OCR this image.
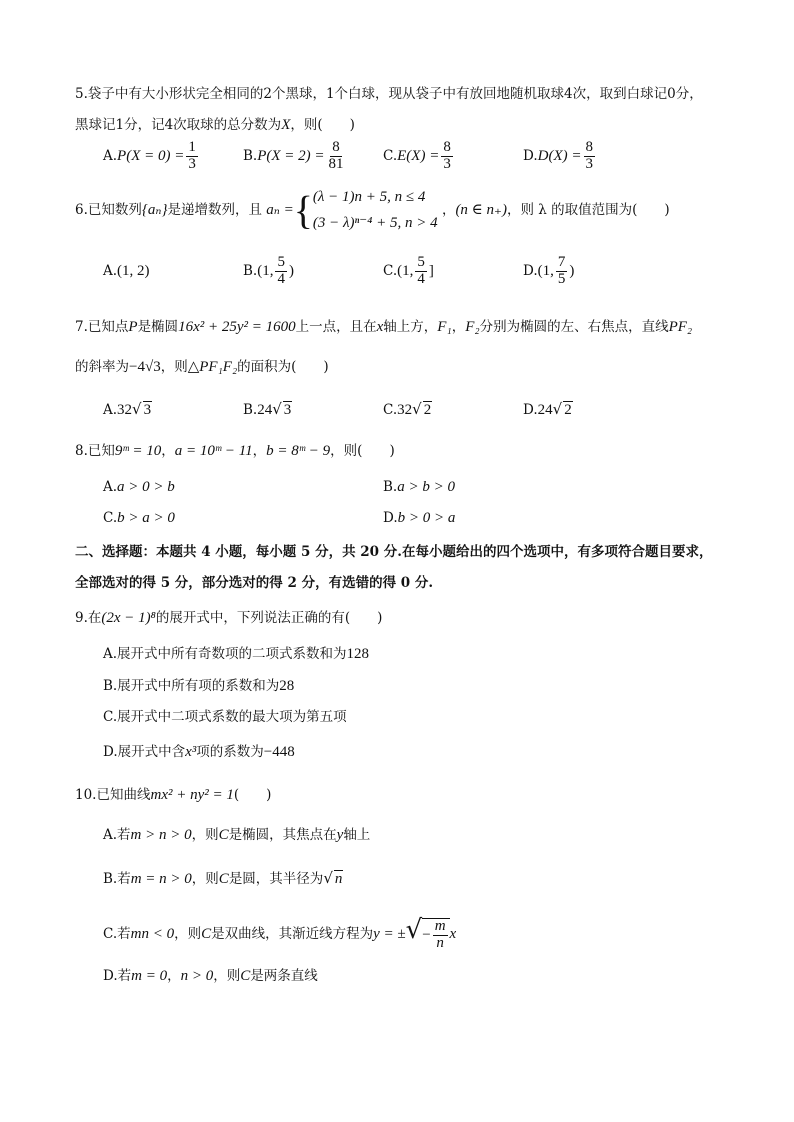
5.袋子中有大小形状完全相同的2个黑球，1个白球，现从袋子中有放回地随机取球4次，取到白球记0分，
黑球记1分，记4次取球的总分数为X，则(　　)
$A.P(X = 0) = \frac{1}{3}$	$B.P(X = 2) = \frac{8}{81}$	$C.E(X) = \frac{8}{3}$	$D.D(X) = \frac{8}{3}$
6.已知数列{aₙ}是递增数列，且 aₙ ={ (λ − 1)n + 5, n ≤ 4
(3 − λ)ⁿ⁻⁴ + 5, n > 4
，(n ∈ n₊)，则 λ 的取值范围为(　　)
A.(1, 2)	B.(1, $\frac{5}{4}$ )	C.(1, $\frac{5}{4}$ ]	D.(1, $\frac{7}{5}$ )
7.已知点P是椭圆16x² + 25y² = 1600上一点，且在x轴上方，F₁，F₂分别为椭圆的左、右焦点，直线PF₂
的斜率为−4√3，则△PF₁F₂的面积为(　　)
A.32√ 3	B.24√ 3	C.32√ 2	D.24√ 2
8.已知9ᵐ = 10，a = 10ᵐ − 11，b = 8ᵐ − 9，则(　　)
A.a > 0 > b	B.a > b > 0
C.b > a > 0	D.b > 0 > a
二、选择题：本题共 4 小题，每小题 5 分，共 20 分.在每小题给出的四个选项中，有多项符合题目要求，
全部选对的得 5 分，部分选对的得 2 分，有选错的得 0 分.
9.在(2x − 1)⁸的展开式中，下列说法正确的有(　　)
A.展开式中所有奇数项的二项式系数和为128
B.展开式中所有项的系数和为28
C.展开式中二项式系数的最大项为第五项
D.展开式中含x³项的系数为−448
10.已知曲线mx² + ny² = 1(　　)
A.若m > n > 0，则C是椭圆，其焦点在y轴上
B.若m = n > 0，则C是圆，其半径为√ n
C.若mn < 0，则C是双曲线，其渐近线方程为y = ±√− $\frac{m}{n}$ x
D.若m = 0，n > 0，则C是两条直线
